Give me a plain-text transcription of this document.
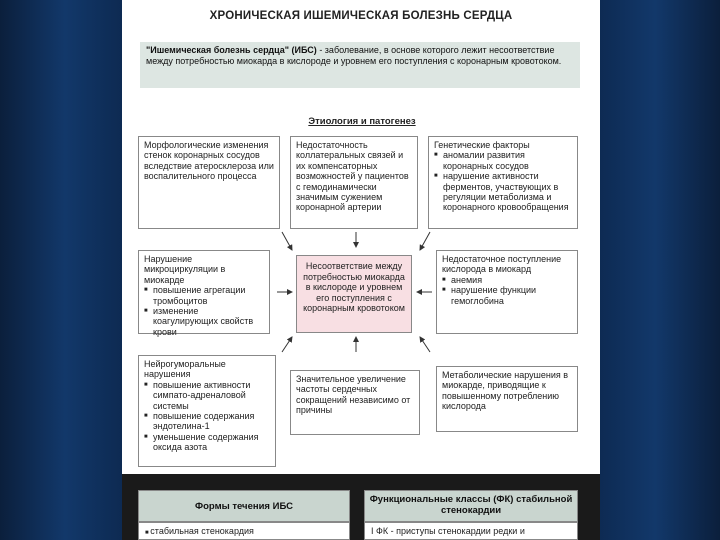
ХРОНИЧЕСКАЯ ИШЕМИЧЕСКАЯ БОЛЕЗНЬ СЕРДЦА
"Ишемическая болезнь сердца" (ИБС) - заболевание, в основе которого лежит несоответствие между потребностью миокарда в кислороде и уровнем его поступления с коронарным кровотоком.
Этиология и патогенез
Морфологические изменения стенок коронарных сосудов вследствие атеросклероза или воспалительного процесса
Недостаточность коллатеральных связей и их компенсаторных возможностей у пациентов с гемодинамически значимым сужением коронарной артерии
Генетические факторы
■ аномалии развития коронарных сосудов
■ нарушение активности ферментов, участвующих в регуляции метаболизма и коронарного кровообращения
Нарушение микроциркуляции в миокарде
■ повышение агрегации тромбоцитов
■ изменение коагулирующих свойств крови
Несоответствие между потребностью миокарда в кислороде и уровнем его поступления с коронарным кровотоком
Недостаточное поступление кислорода в миокард
■ анемия
■ нарушение функции гемоглобина
Нейрогуморальные нарушения
■ повышение активности симпато-адреналовой системы
■ повышение содержания эндотелина-1
■ уменьшение содержания оксида азота
Значительное увеличение частоты сердечных сокращений независимо от причины
Метаболические нарушения в миокарде, приводящие к повышенному потреблению кислорода
Формы течения ИБС
■ стабильная стенокардия
Функциональные классы (ФК) стабильной стенокардии
I ФК - приступы стенокардии редки и
